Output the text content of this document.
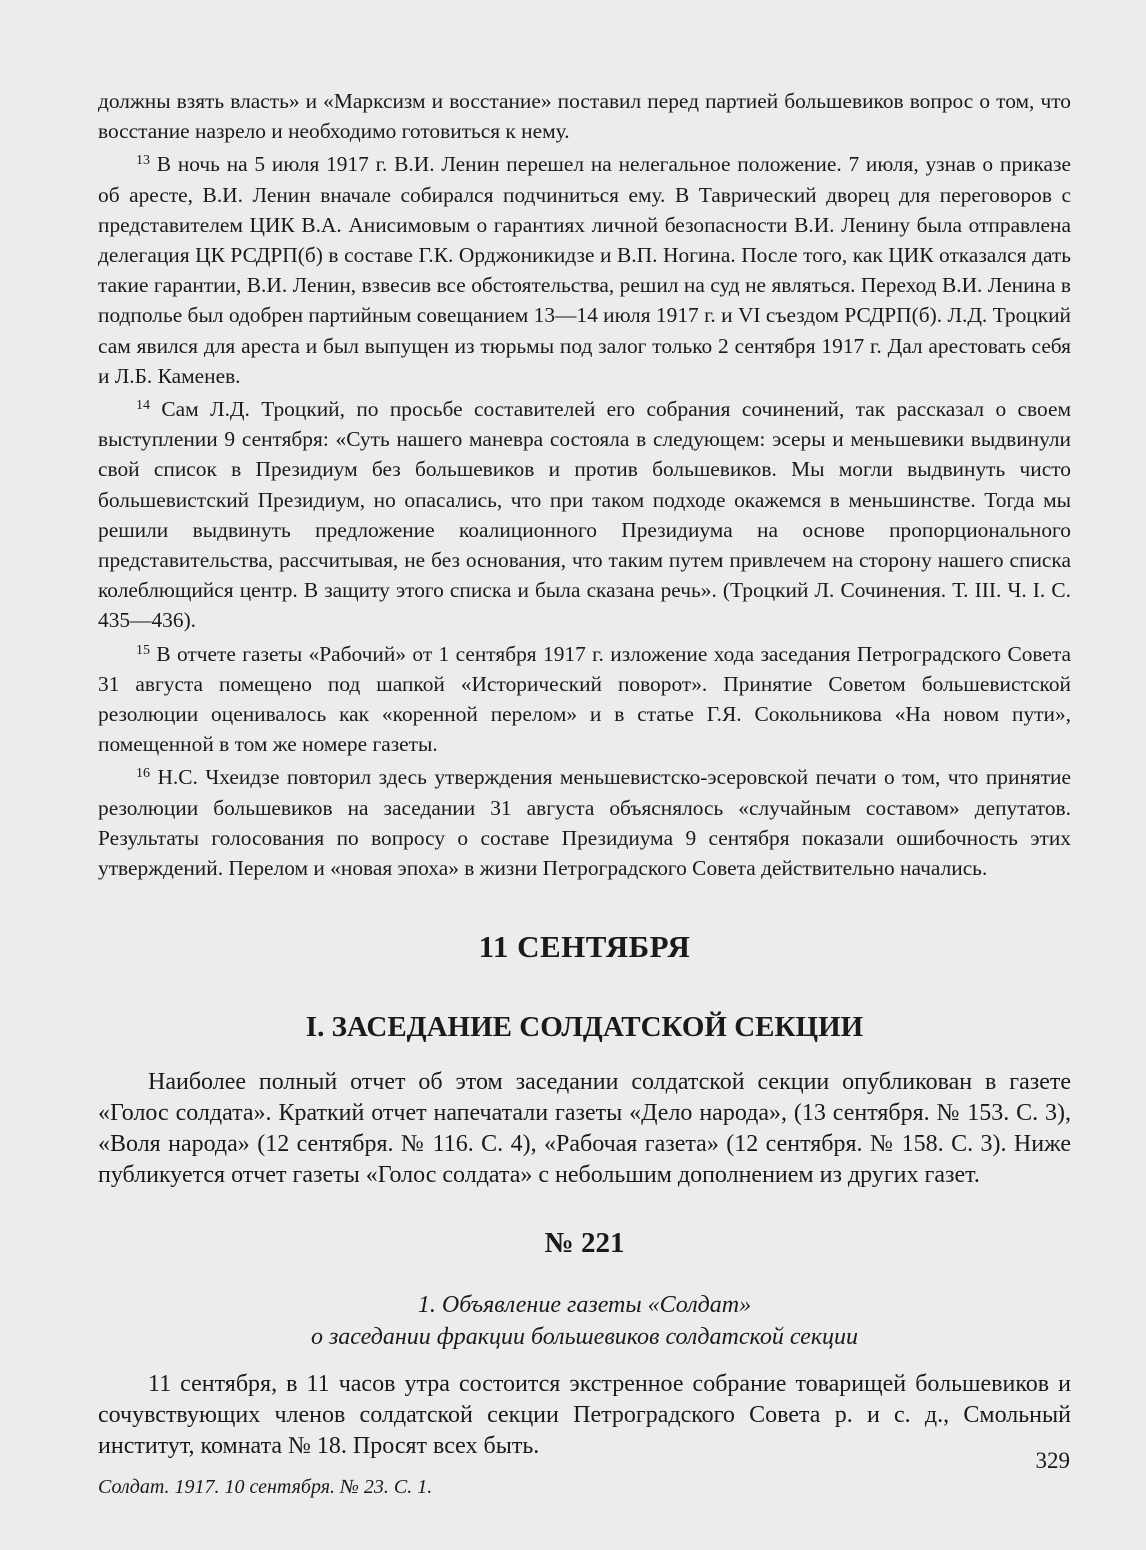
должны взять власть» и «Марксизм и восстание» поставил перед партией большевиков вопрос о том, что восстание назрело и необходимо готовиться к нему.

$^{13}$ В ночь на 5 июля 1917 г. В.И. Ленин перешел на нелегальное положение. 7 июля, узнав о приказе об аресте, В.И. Ленин вначале собирался подчиниться ему. В Таврический дворец для переговоров с представителем ЦИК В.А. Анисимовым о гарантиях личной безопасности В.И. Ленину была отправлена делегация ЦК РСДРП(б) в составе Г.К. Орджоникидзе и В.П. Ногина. После того, как ЦИК отказался дать такие гарантии, В.И. Ленин, взвесив все обстоятельства, решил на суд не являться. Переход В.И. Ленина в подполье был одобрен партийным совещанием 13—14 июля 1917 г. и VI съездом РСДРП(б). Л.Д. Троцкий сам явился для ареста и был выпущен из тюрьмы под залог только 2 сентября 1917 г. Дал арестовать себя и Л.Б. Каменев.

$^{14}$ Сам Л.Д. Троцкий, по просьбе составителей его собрания сочинений, так рассказал о своем выступлении 9 сентября: «Суть нашего маневра состояла в следующем: эсеры и меньшевики выдвинули свой список в Президиум без большевиков и против большевиков. Мы могли выдвинуть чисто большевистский Президиум, но опасались, что при таком подходе окажемся в меньшинстве. Тогда мы решили выдвинуть предложение коалиционного Президиума на основе пропорционального представительства, рассчитывая, не без основания, что таким путем привлечем на сторону нашего списка колеблющийся центр. В защиту этого списка и была сказана речь». (Троцкий Л. Сочинения. Т. III. Ч. I. С. 435—436).

$^{15}$ В отчете газеты «Рабочий» от 1 сентября 1917 г. изложение хода заседания Петроградского Совета 31 августа помещено под шапкой «Исторический поворот». Принятие Советом большевистской резолюции оценивалось как «коренной перелом» и в статье Г.Я. Сокольникова «На новом пути», помещенной в том же номере газеты.

$^{16}$ Н.С. Чхеидзе повторил здесь утверждения меньшевистско-эсеровской печати о том, что принятие резолюции большевиков на заседании 31 августа объяснялось «случайным составом» депутатов. Результаты голосования по вопросу о составе Президиума 9 сентября показали ошибочность этих утверждений. Перелом и «новая эпоха» в жизни Петроградского Совета действительно начались.

11 СЕНТЯБРЯ
I. ЗАСЕДАНИЕ СОЛДАТСКОЙ СЕКЦИИ

Наиболее полный отчет об этом заседании солдатской секции опубликован в газете «Голос солдата». Краткий отчет напечатали газеты «Дело народа», (13 сентября. № 153. С. 3), «Воля народа» (12 сентября. № 116. С. 4), «Рабочая газета» (12 сентября. № 158. С. 3). Ниже публикуется отчет газеты «Голос солдата» с небольшим дополнением из других газет.

№ 221
1. Объявление газеты «Солдат»
о заседании фракции большевиков солдатской секции

11 сентября, в 11 часов утра состоится экстренное собрание товарищей большевиков и сочувствующих членов солдатской секции Петроградского Совета р. и с. д., Смольный институт, комната № 18. Просят всех быть.

Солдат. 1917. 10 сентября. № 23. С. 1.

329
